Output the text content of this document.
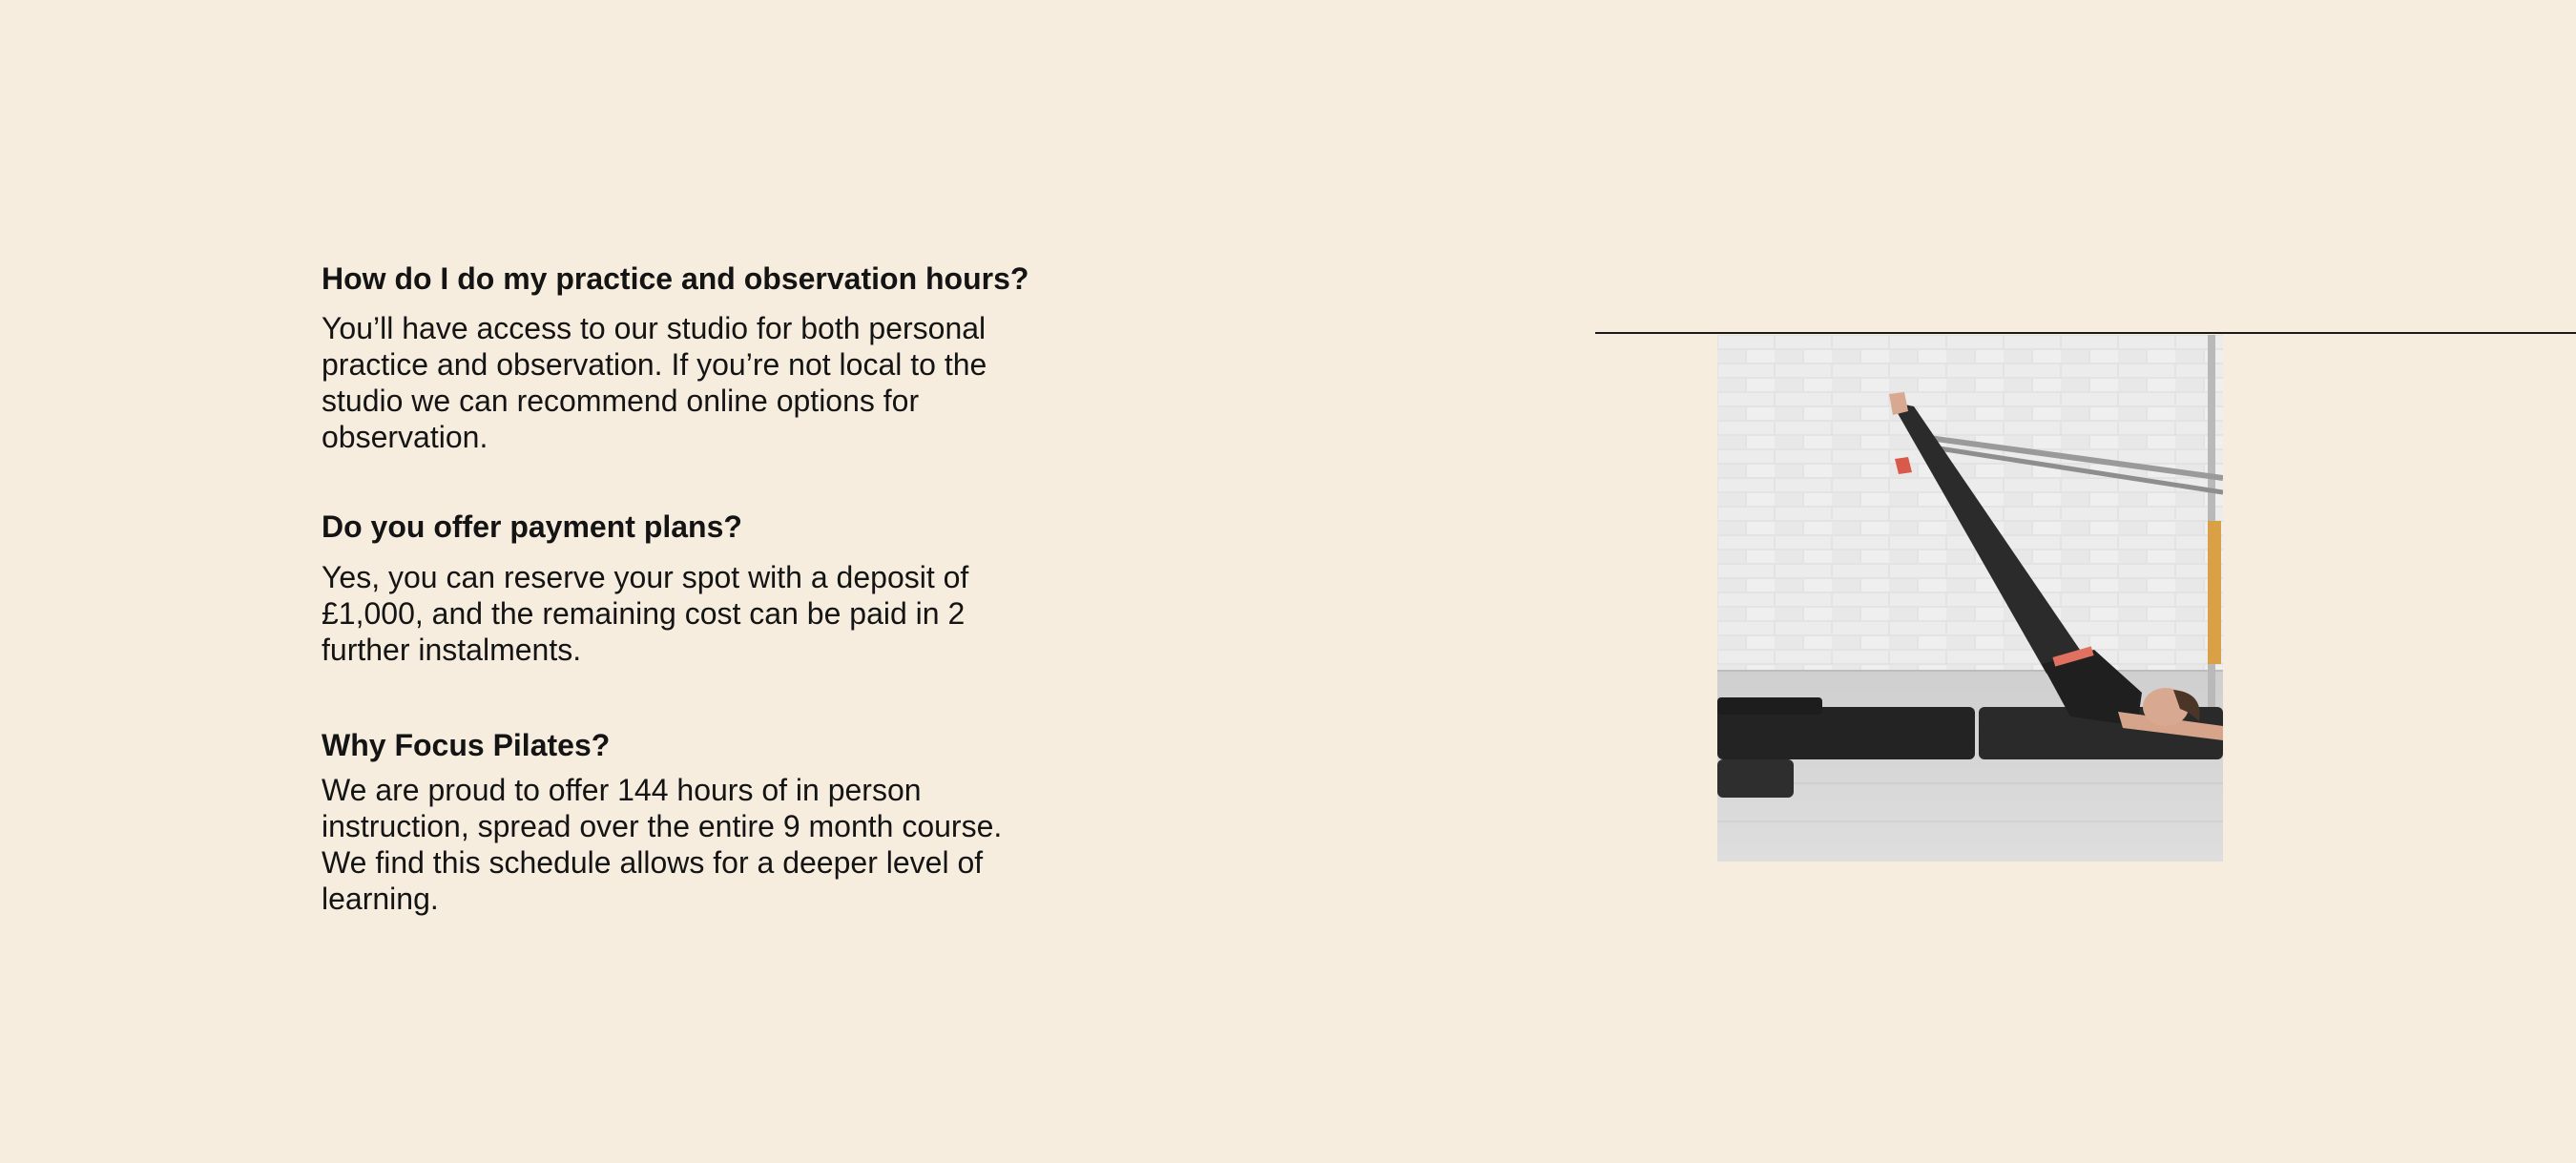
How do I do my practice and observation hours?

You’ll have access to our studio for both personal
practice and observation. If you’re not local to the
studio we can recommend online options for
observation.

Do you offer payment plans?

Yes, you can reserve your spot with a deposit of
£1,000, and the remaining cost can be paid in 2
further instalments.

Why Focus Pilates?

We are proud to offer 144 hours of in person
instruction, spread over the entire 9 month course.
We find this schedule allows for a deeper level of
learning.
